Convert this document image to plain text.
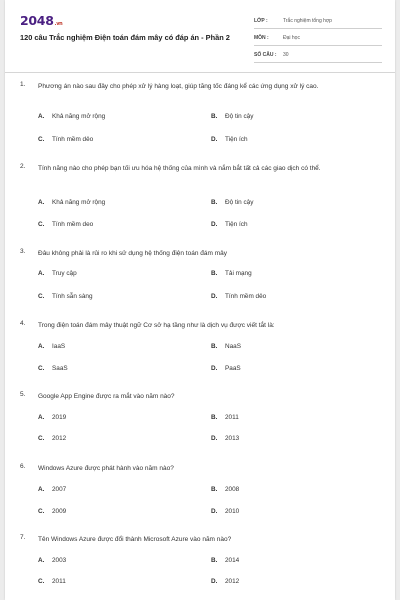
2048.vn
120 câu Trắc nghiệm Điện toán đám mây có đáp án - Phần 2
LỚP :	Trắc nghiệm tổng hợp
MÔN :	Đại học
SỐ CÂU :	30
1. Phương án nào sau đây cho phép xử lý hàng loạt, giúp tăng tốc đáng kể các ứng dụng xử lý cao.
A. Khả năng mở rộng	B. Độ tin cậy
C. Tính mềm dẻo	D. Tiện ích
2. Tính năng nào cho phép bạn tối ưu hóa hệ thống của mình và nắm bắt tất cả các giao dịch có thể.
A. Khả năng mở rộng	B. Độ tin cậy
C. Tính mềm deo	D. Tiện ích
3. Đâu không phải là rủi ro khi sử dụng hệ thống điện toán đám mây
A. Truy cập	B. Tải mạng
C. Tính sẵn sàng	D. Tính mềm dẻo
4. Trong điện toán đám mây thuật ngữ Cơ sở hạ tầng như là dịch vụ được viết tắt là:
A. IaaS	B. NaaS
C. SaaS	D. PaaS
5. Google App Engine được ra mắt vào năm nào?
A. 2019	B. 2011
C. 2012	D. 2013
6. Windows Azure được phát hành vào năm nào?
A. 2007	B. 2008
C. 2009	D. 2010
7. Tên Windows Azure được đổi thành Microsoft Azure vào năm nào?
A. 2003	B. 2014
C. 2011	D. 2012
